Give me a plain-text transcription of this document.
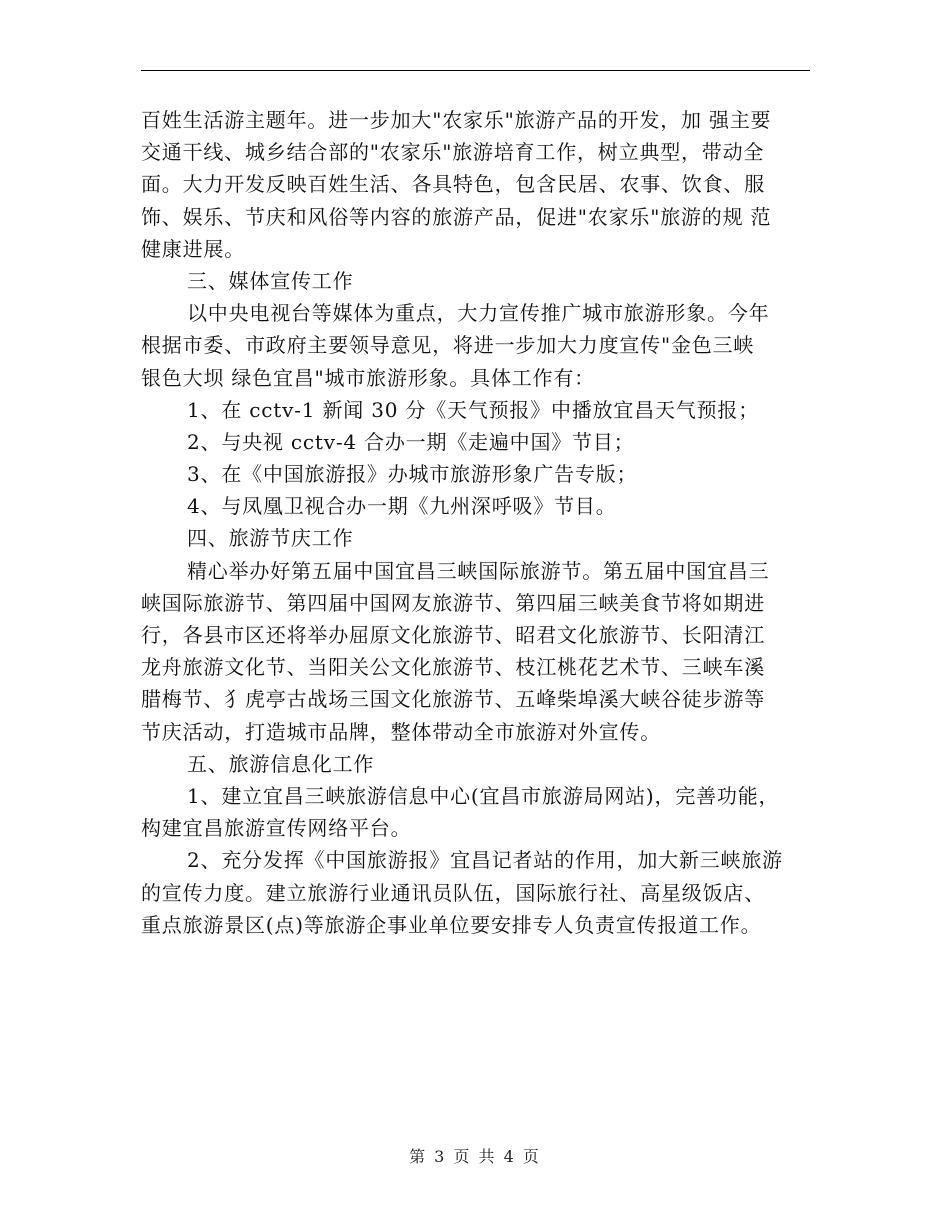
百姓生活游主题年。进一步加大"农家乐"旅游产品的开发，加 强主要
交通干线、城乡结合部的"农家乐"旅游培育工作，树立典型，带动全
面。大力开发反映百姓生活、各具特色，包含民居、农事、饮食、服
饰、娱乐、节庆和风俗等内容的旅游产品，促进"农家乐"旅游的规 范
健康进展。
三、媒体宣传工作
以中央电视台等媒体为重点，大力宣传推广城市旅游形象。今年
根据市委、市政府主要领导意见，将进一步加大力度宣传"金色三峡
银色大坝 绿色宜昌"城市旅游形象。具体工作有：
1、在 cctv-1 新闻 30 分《天气预报》中播放宜昌天气预报；
2、与央视 cctv-4 合办一期《走遍中国》节目；
3、在《中国旅游报》办城市旅游形象广告专版；
4、与凤凰卫视合办一期《九州深呼吸》节目。
四、旅游节庆工作
精心举办好第五届中国宜昌三峡国际旅游节。第五届中国宜昌三
峡国际旅游节、第四届中国网友旅游节、第四届三峡美食节将如期进
行，各县市区还将举办屈原文化旅游节、昭君文化旅游节、长阳清江
龙舟旅游文化节、当阳关公文化旅游节、枝江桃花艺术节、三峡车溪
腊梅节、犭虎亭古战场三国文化旅游节、五峰柴埠溪大峡谷徒步游等
节庆活动，打造城市品牌，整体带动全市旅游对外宣传。
五、旅游信息化工作
1、建立宜昌三峡旅游信息中心(宜昌市旅游局网站)，完善功能，
构建宜昌旅游宣传网络平台。
2、充分发挥《中国旅游报》宜昌记者站的作用，加大新三峡旅游
的宣传力度。建立旅游行业通讯员队伍，国际旅行社、高星级饭店、
重点旅游景区(点)等旅游企事业单位要安排专人负责宣传报道工作。
第 3 页 共 4 页
